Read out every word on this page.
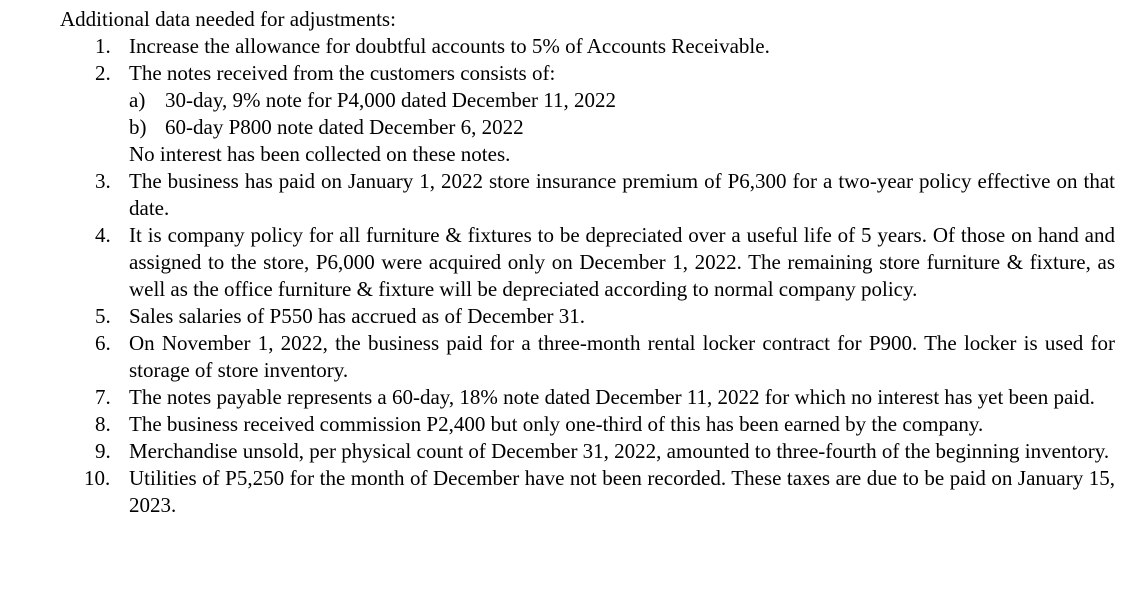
Additional data needed for adjustments:
1. Increase the allowance for doubtful accounts to 5% of Accounts Receivable.
2. The notes received from the customers consists of:
a) 30-day, 9% note for P4,000 dated December 11, 2022
b) 60-day P800 note dated December 6, 2022
No interest has been collected on these notes.
3. The business has paid on January 1, 2022 store insurance premium of P6,300 for a two-year policy effective on that date.
4. It is company policy for all furniture & fixtures to be depreciated over a useful life of 5 years. Of those on hand and assigned to the store, P6,000 were acquired only on December 1, 2022. The remaining store furniture & fixture, as well as the office furniture & fixture will be depreciated according to normal company policy.
5. Sales salaries of P550 has accrued as of December 31.
6. On November 1, 2022, the business paid for a three-month rental locker contract for P900. The locker is used for storage of store inventory.
7. The notes payable represents a 60-day, 18% note dated December 11, 2022 for which no interest has yet been paid.
8. The business received commission P2,400 but only one-third of this has been earned by the company.
9. Merchandise unsold, per physical count of December 31, 2022, amounted to three-fourth of the beginning inventory.
10. Utilities of P5,250 for the month of December have not been recorded. These taxes are due to be paid on January 15, 2023.
